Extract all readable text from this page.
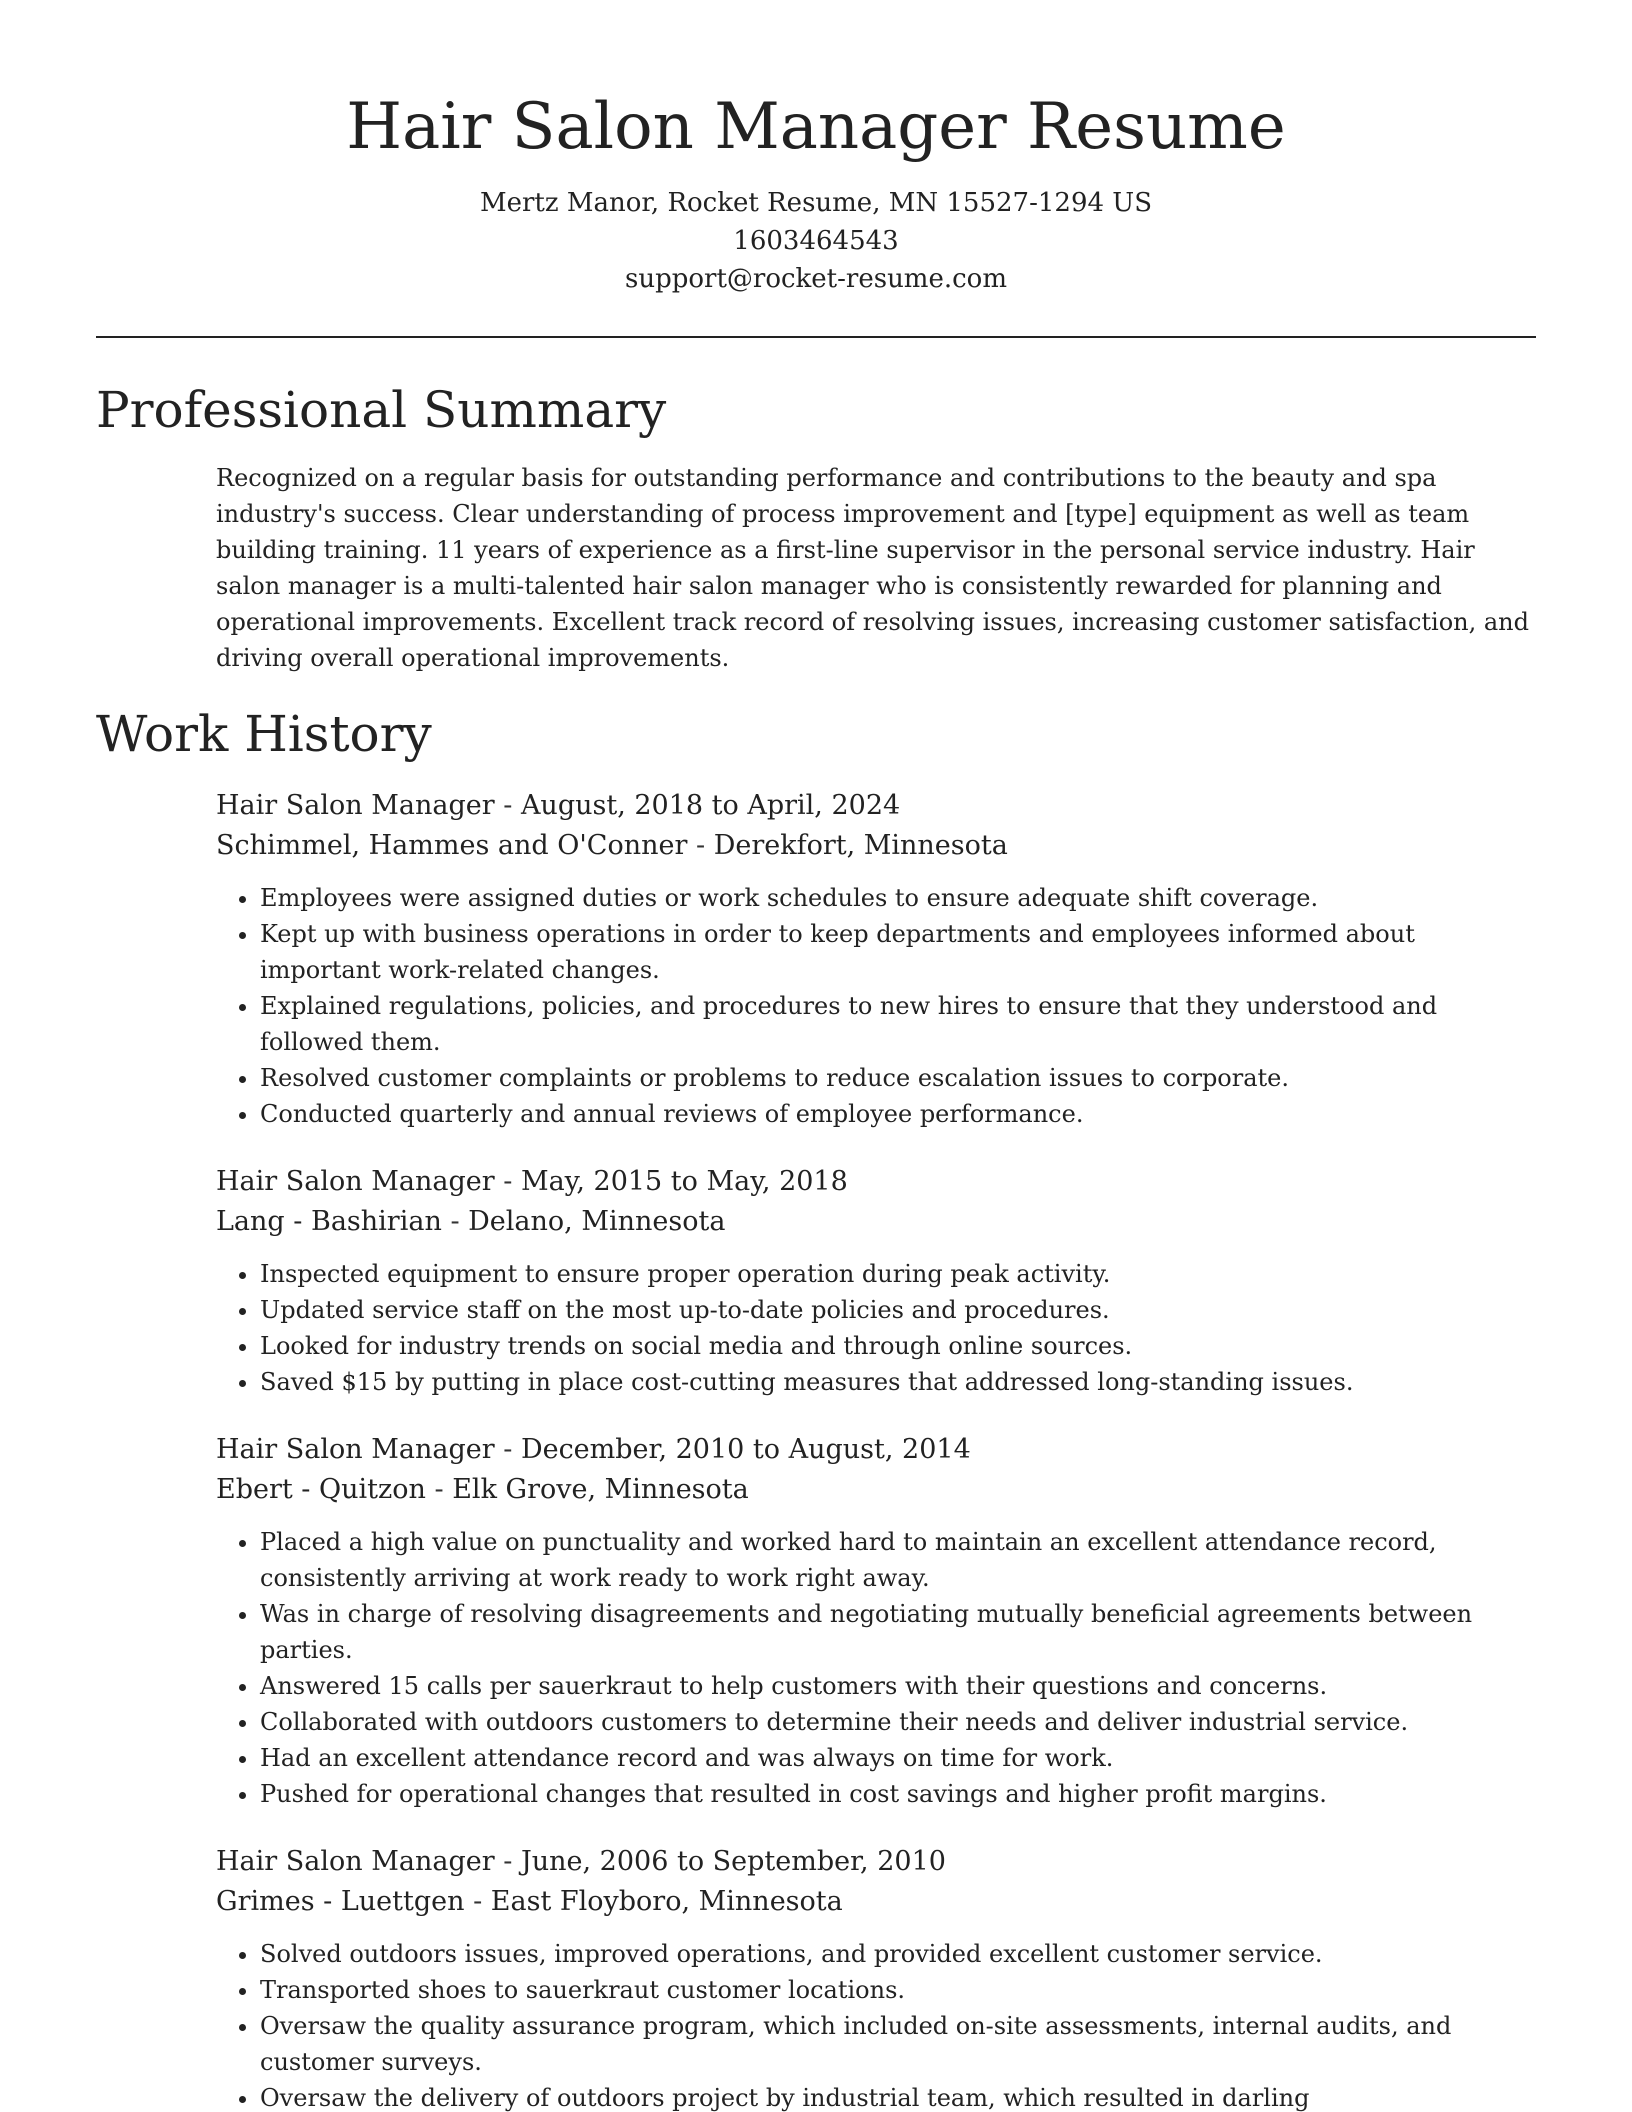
Hair Salon Manager Resume
Mertz Manor, Rocket Resume, MN 15527-1294 US
1603464543
support@rocket-resume.com
Professional Summary

Recognized on a regular basis for outstanding performance and contributions to the beauty and spa industry's success. Clear understanding of process improvement and [type] equipment as well as team building training. 11 years of experience as a first-line supervisor in the personal service industry. Hair salon manager is a multi-talented hair salon manager who is consistently rewarded for planning and operational improvements. Excellent track record of resolving issues, increasing customer satisfaction, and driving overall operational improvements.

Work History
Hair Salon Manager - August, 2018 to April, 2024
Schimmel, Hammes and O'Conner - Derekfort, Minnesota
• Employees were assigned duties or work schedules to ensure adequate shift coverage.
• Kept up with business operations in order to keep departments and employees informed about important work-related changes.
• Explained regulations, policies, and procedures to new hires to ensure that they understood and followed them.
• Resolved customer complaints or problems to reduce escalation issues to corporate.
• Conducted quarterly and annual reviews of employee performance.
Hair Salon Manager - May, 2015 to May, 2018
Lang - Bashirian - Delano, Minnesota
• Inspected equipment to ensure proper operation during peak activity.
• Updated service staff on the most up-to-date policies and procedures.
• Looked for industry trends on social media and through online sources.
• Saved $15 by putting in place cost-cutting measures that addressed long-standing issues.
Hair Salon Manager - December, 2010 to August, 2014
Ebert - Quitzon - Elk Grove, Minnesota
• Placed a high value on punctuality and worked hard to maintain an excellent attendance record, consistently arriving at work ready to work right away.
• Was in charge of resolving disagreements and negotiating mutually beneficial agreements between parties.
• Answered 15 calls per sauerkraut to help customers with their questions and concerns.
• Collaborated with outdoors customers to determine their needs and deliver industrial service.
• Had an excellent attendance record and was always on time for work.
• Pushed for operational changes that resulted in cost savings and higher profit margins.
Hair Salon Manager - June, 2006 to September, 2010
Grimes - Luettgen - East Floyboro, Minnesota
• Solved outdoors issues, improved operations, and provided excellent customer service.
• Transported shoes to sauerkraut customer locations.
• Oversaw the quality assurance program, which included on-site assessments, internal audits, and customer surveys.
• Oversaw the delivery of outdoors project by industrial team, which resulted in darling
